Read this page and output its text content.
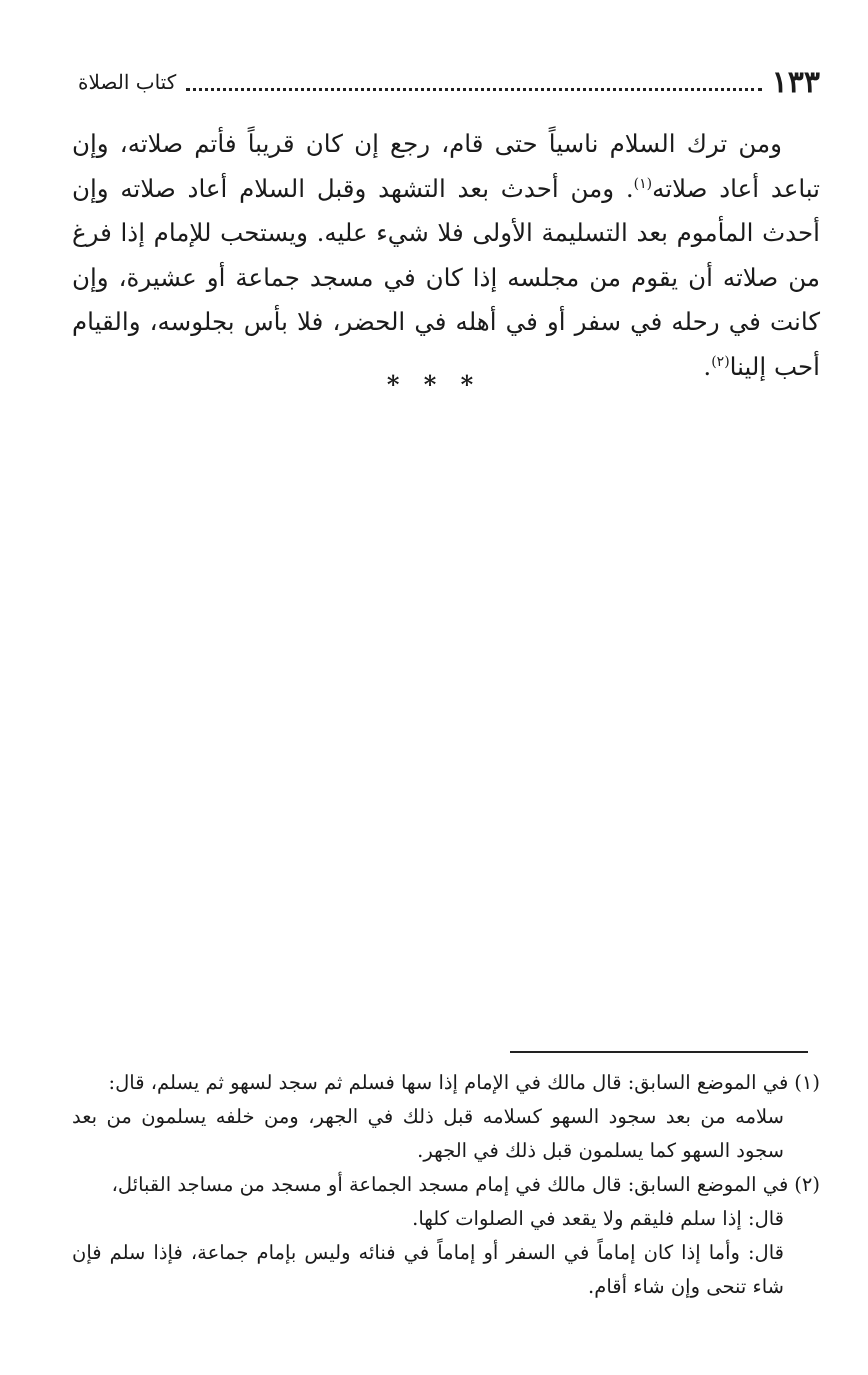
١٣٣
كتاب الصلاة

ومن ترك السلام ناسياً حتى قام، رجع إن كان قريباً فأتم صلاته، وإن تباعد أعاد صلاته$^{(١)}$. ومن أحدث بعد التشهد وقبل السلام أعاد صلاته وإن أحدث المأموم بعد التسليمة الأولى فلا شيء عليه. ويستحب للإمام إذا فرغ من صلاته أن يقوم من مجلسه إذا كان في مسجد جماعة أو عشيرة، وإن كانت في رحله في سفر أو في أهله في الحضر، فلا بأس بجلوسه، والقيام أحب إلينا$^{(٢)}$.

* * *
(١)في الموضع السابق: قال مالك في الإمام إذا سها فسلم ثم سجد لسهو ثم يسلم، قال:
سلامه من بعد سجود السهو كسلامه قبل ذلك في الجهر، ومن خلفه يسلمون من بعد سجود السهو كما يسلمون قبل ذلك في الجهر.
(٢)في الموضع السابق: قال مالك في إمام مسجد الجماعة أو مسجد من مساجد القبائل،
قال: إذا سلم فليقم ولا يقعد في الصلوات كلها.
قال: وأما إذا كان إماماً في السفر أو إماماً في فنائه وليس بإمام جماعة، فإذا سلم فإن شاء تنحى وإن شاء أقام.
